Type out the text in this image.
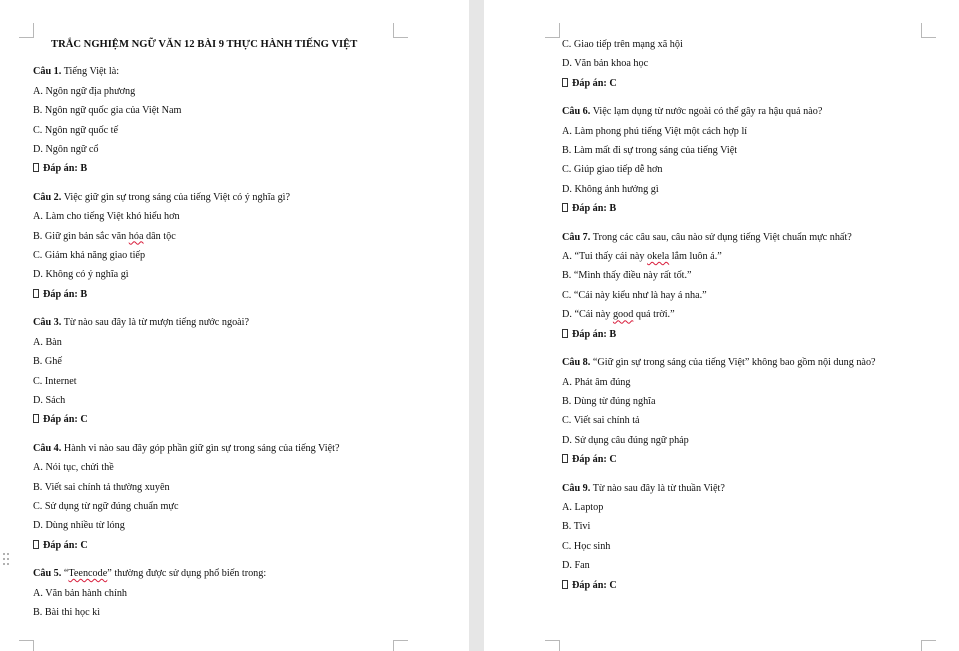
TRẮC NGHIỆM NGỮ VĂN 12 BÀI 9 THỰC HÀNH TIẾNG VIỆT
Câu 1. Tiếng Việt là:
A. Ngôn ngữ địa phương
B. Ngôn ngữ quốc gia của Việt Nam
C. Ngôn ngữ quốc tế
D. Ngôn ngữ cổ
Đáp án: B
Câu 2. Việc giữ gìn sự trong sáng của tiếng Việt có ý nghĩa gì?
A. Làm cho tiếng Việt khó hiểu hơn
B. Giữ gìn bản sắc văn hóa dân tộc
C. Giảm khả năng giao tiếp
D. Không có ý nghĩa gì
Đáp án: B
Câu 3. Từ nào sau đây là từ mượn tiếng nước ngoài?
A. Bàn
B. Ghế
C. Internet
D. Sách
Đáp án: C
Câu 4. Hành vi nào sau đây góp phần giữ gìn sự trong sáng của tiếng Việt?
A. Nói tục, chửi thề
B. Viết sai chính tả thường xuyên
C. Sử dụng từ ngữ đúng chuẩn mực
D. Dùng nhiều từ lóng
Đáp án: C
Câu 5. “Teencode” thường được sử dụng phổ biến trong:
A. Văn bản hành chính
B. Bài thi học kì
C. Giao tiếp trên mạng xã hội
D. Văn bản khoa học
Đáp án: C
Câu 6. Việc lạm dụng từ nước ngoài có thể gây ra hậu quả nào?
A. Làm phong phú tiếng Việt một cách hợp lí
B. Làm mất đi sự trong sáng của tiếng Việt
C. Giúp giao tiếp dễ hơn
D. Không ảnh hưởng gì
Đáp án: B
Câu 7. Trong các câu sau, câu nào sử dụng tiếng Việt chuẩn mực nhất?
A. “Tui thấy cái này okela lắm luôn á.”
B. “Mình thấy điều này rất tốt.”
C. “Cái này kiểu như là hay á nha.”
D. “Cái này good quá trời.”
Đáp án: B
Câu 8. “Giữ gìn sự trong sáng của tiếng Việt” không bao gồm nội dung nào?
A. Phát âm đúng
B. Dùng từ đúng nghĩa
C. Viết sai chính tả
D. Sử dụng câu đúng ngữ pháp
Đáp án: C
Câu 9. Từ nào sau đây là từ thuần Việt?
A. Laptop
B. Tivi
C. Học sinh
D. Fan
Đáp án: C
